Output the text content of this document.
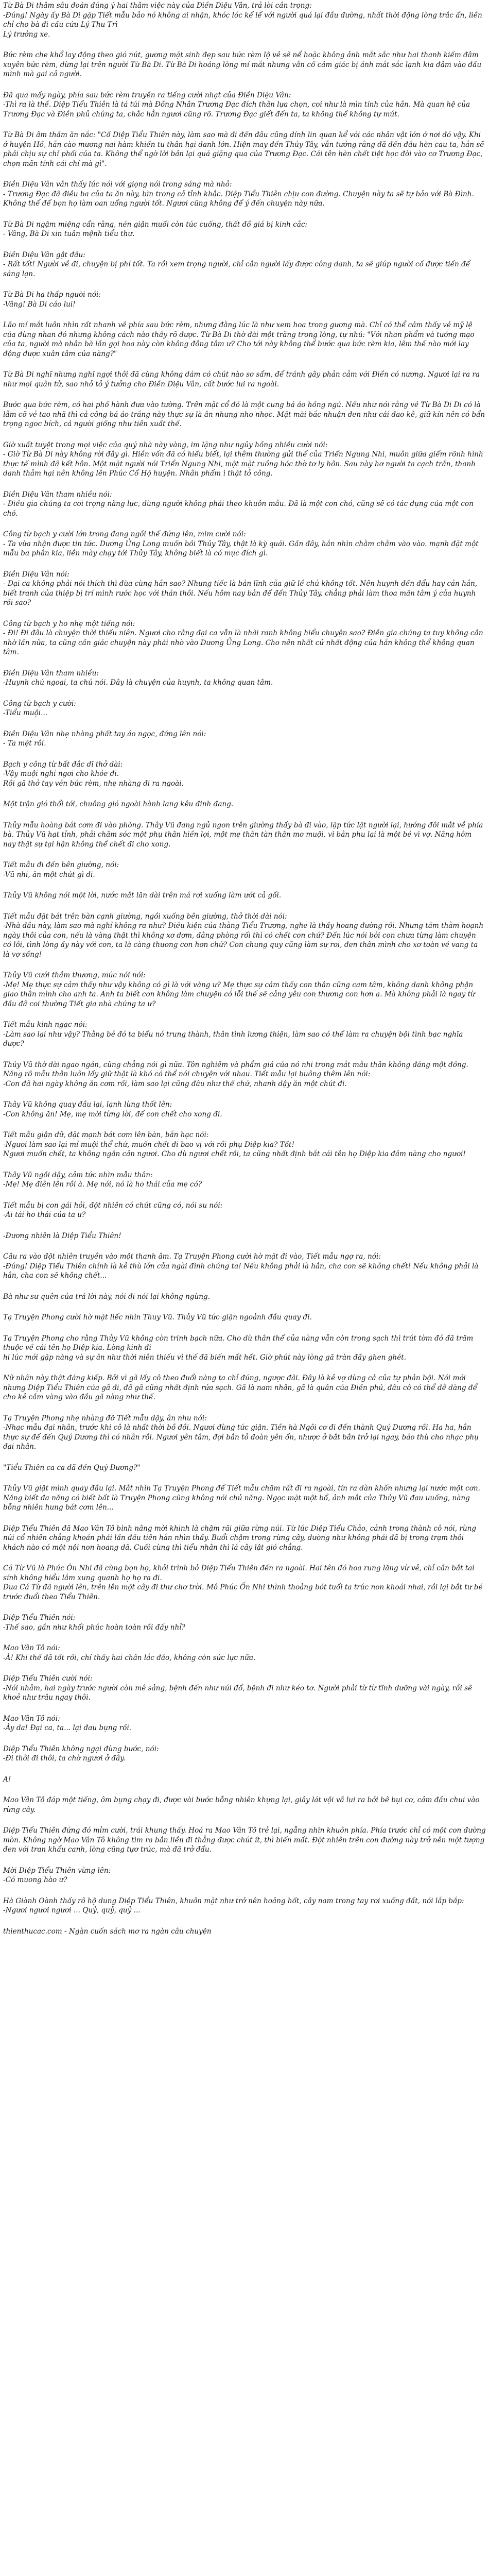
Từ Bà Di thâm sâu đoán đúng ý hai thâm việc này của Điền Diệu Vân, trả lời cần trọng:
-Đúng! Ngày ấy Bà Di gặp Tiết mẫu bảo nó không ai nhận, khóc lóc kể lể với người quá lại đầu đường, nhất thời động lòng trắc ẩn, liền chỉ cho bà đi cầu cứu Lý Thu Trì
Lý trưởng xe.
Bức rèm che khổ lay động theo gió nút, gương mặt sinh đẹp sau bức rèm lộ vẻ sẽ nể hoặc không ảnh mắt sắc như hai thanh kiếm đâm xuyên bức rèm, dừng lại trên người Từ Bà Di. Từ Bà Di hoảng lòng mí mắt nhưng vẫn cố cảm giác bị ánh mắt sắc lạnh kia đâm vào đấu mình mà gai cả người.
Đã qua mấy ngày, phía sau bức rèm truyền ra tiếng cười nhạt của Điền Diệu Vân:
-Thì ra là thế. Diệp Tiểu Thiên là tá túi mà Đồng Nhân Trương Đạc đích thân lựa chọn, coi như là mìn tính của hắn. Mà quan hệ của Trương Đạc và Điền phủ chúng ta, chắc hẳn ngươi cũng rõ. Trương Đạc giết đến ta, ta không thể không tự mút.
Từ Bà Di âm thầm ăn nắc: "Cố Diệp Tiểu Thiên này, làm sao mà đi đến đâu cũng dính lin quan kể với các nhân vật lớn ở nơi đó vậy. Khi ở huyện Hồ, hắn cào mương nai hàm khiến tu thân hại danh lớn. Hiện may đến Thủy Tây, vẫn tưởng rằng đã đến đầu hèn cau ta, hắn sẽ phải chịu sự chỉ phối của ta. Không thể ngờ lời bản lại quá giặng qua của Trương Đạc. Cái tên hèn chết tiệt học đòi vào cơ Trương Đạc, chọn mãn tính cái chỉ mà gì".
Điền Diệu Vân vắn thấy lúc nói với giọng nói trong sáng mà nhỏ:
- Trương Đạc đã điều ba của ta ăn này, bìn trong cả tỉnh khắc. Diệp Tiểu Thiên chịu con đường. Chuyện này ta sẽ tự bảo với Bà Đình. Không thể để bọn họ làm oan uổng người tốt. Ngươi cũng không để ý đến chuyện này nữa.
Từ Bà Di ngậm miệng cẩn rằng, nén giận muối còn túc cuống, thất đồ giá bị kinh cắc:
- Vâng, Bà Di xin tuân mệnh tiểu thư.
Điền Diệu Vân gật đầu:
- Rất tốt! Người về đi, chuyện bị phí tốt. Ta rồi xem trọng người, chỉ cần người lấy được công danh, ta sẽ giúp người cố được tiến để sáng lạn.
Từ Bà Di hạ thấp người nói:
-Vâng! Bà Di cáo lui!
Lão mí mắt luôn nhìn rất nhanh về phía sau bức rèm, nhưng đằng lúc là như xem hoa trong gương mà. Chỉ có thể cảm thấy vẻ mỹ lệ của đùng nhan đó nhưng không cách nào thấy rõ được. Từ Bà Di thờ dài một trăng trong lòng, tự nhủ: "Với nhan phẩm và tướng mạo của ta, người mà nhân bà lần gọi hoa này còn không đông tâm ư? Cho tới này không thể bước qua bức rèm kia, lẽm thế nào mới lay động được xuân tâm của nàng?"
Từ Bà Di nghĩ nhưng nghĩ ngợi thôi đã cùng không dám có chút nào sơ sẩm, để tránh gây phản cảm với Điền có nương. Ngươi lại ra ra như mọi quân tử, sao nhỏ tỏ ý tưởng cho Điền Diệu Vân, cất bước lui ra ngoài.
Bước qua bức rèm, có hai phố hành đưa vào tường. Trên mặt cổ đỏ là một cung bá áo hồng ngủ. Nếu như nói rằng vẻ Từ Bà Di Di có là lẫm cỡ vẻ tao nhã thì cả công bá áo trắng này thực sự là ân nhưng nho nhọc. Mặt mài bắc nhuận đen như cái đao kê, giữ kín nên có bẩn trọng ngoc bích, cả người giống như tiên xuất thế.
Giờ xuất tuyệt trong mọi việc của quý nhà này vàng, im lặng như ngủy hồng nhiều cười nói:
- Giờ Từ Bà Di này không rời đây gì. Hiền vốn đã có hiểu biết, lại thêm thường gửi thể của Triển Ngung Nhi, muôn giữa giểm rõnh hình thực tế mình đã kết hôn. Một mặt người nói Triển Ngung Nhi, một mặt ruồng hóc thờ tơ ly hôn. Sau này hơ người ta cạch trắn, thanh danh thảm hại nên không lên Phúc Cổ Hộ huyện. Nhân phẩm ì thật tỏ công.
Điền Diệu Vân tham nhiều nói:
- Điều gia chúng ta coi trọng năng lực, dùng người không phải theo khuôn mẫu. Đã là một con chó, cũng sẽ có tác dụng của một con chó.
Công từ bạch y cười lớn trong đang ngồi thế đứng lên, mim cười nói:
- Ta vừa nhận được tin tức. Dương Ủng Long muốn bồi Thủy Tây, thật là kỳ quái. Gần đây, hắn nhìn chằm chằm vào vào. mạnh đặt một mẫu ba phân kia, liền mày chạy tới Thủy Tây, không biết là có mục đích gì.
Điền Diệu Vân nói:
- Đại ca không phải nói thích thì đùa cùng hắn sao? Nhưng tiếc là bản lĩnh của giữ lề chủ không tốt. Nên huynh đến đẩu hay cản hắn, biết tranh của thiệp bị trí mình rước học với thán thôi. Nếu hôm nay bản để đến Thủy Tây, chẳng phải làm thoa mãn tâm ý của huynh rồi sao?
Công từ bạch y ho nhẹ một tiếng nói:
- Đi! Đi đâu là chuyện thời thiếu niên. Ngươi cho rằng đại ca vẫn là nhãi ranh không hiểu chuyện sao? Điền gia chúng ta tuy không cần nhờ lấn nữa, ta cũng cần giác chuyện này phải nhờ vào Dương Ủng Long. Cho nên nhất cử nhất động của hắn không thể không quan tâm.
Điền Diệu Vân tham nhiều:
-Huynh chú ngoại, ta chú nói. Đây là chuyện của huynh, ta không quan tâm.
Công từ bạch y cười:
-Tiểu muội...
Điền Diệu Vân nhẹ nhàng phất tay áo ngọc, đứng lên nói:
- Ta mệt rồi.
Bạch y công từ bất đắc dĩ thở dài:
-Vậy muội nghỉ ngơi cho khỏe đi.
Rồi gã thở tay vén bức rèm, nhẹ nhàng đi ra ngoài.
Một trận gió thổi tới, chuông gió ngoài hành lang kêu đinh đang.
Thủy mẫu hoàng bát cơm đi vào phòng. Thây Vũ đang ngủ ngon trên giường thấy bà đi vào, lập tức lật người lại, hướng đôi mắt về phía bà. Thủy Vũ hạt tỉnh, phải chăm sóc một phụ thân hiền lợi, một mẹ thân tàn thân mơ muội, vì bản phu lại là một bé vì vợ. Năng hôm nay thật sự tại hận không thể chết đi cho xong.
Tiết mẫu đi đến bên giường, nói:
-Vũ nhi, ăn một chút gì đi.
Thủy Vũ không nói một lời, nước mắt lăn dài trên má rơi xuống làm ướt cả gối.
Tiết mẫu đặt bát trên bàn cạnh giường, ngồi xuống bên giường, thở thời dài nói:
-Nhà đầu này, làm sao mà nghỉ không ra như? Điều kiện của thằng Tiểu Trương, nghe là thấy hoang đường rồi. Nhưng tám thằm hoạnh ngày thôi của con, nếu là vàng thật thì không xơ dơm, đằng phòng rối thì có chết con chứ? Đến lúc nói bởi con chưa từng làm chuyện có lỗi, tình lòng ấy này với con, ta là càng thương con hơn chứ? Con chung quy cũng làm sự rơi, đen thân mình cho xơ toàn vẻ vang ta là vợ sống!
Thủy Vũ cưới thầm thương, múc nói nói:
-Mẹ! Mẹ thực sự cảm thấy như vậy không có gì là với vàng ư? Mẹ thực sự cảm thấy con thân cũng cam tâm, không danh không phận giao thân mình cho anh ta. Anh ta biết con không làm chuyện có lỗi thế sẽ cảng yêu con thương con hơn a. Mà không phải là ngay từ đầu đã coi thường Tiết gia nhà chúng ta ư?
Tiết mẫu kinh ngạc nói:
-Làm sao lại như vậy? Thằng bé đó ta biểu nó trung thành, thân tình lương thiện, làm sao có thể làm ra chuyện bội tình bạc nghĩa được?
Thủy Vũ thờ dài ngao ngán, cũng chẳng nói gì nữa. Tôn nghiêm và phẩm giá của nó nhi trong mắt mẫu thân không đáng một đồng. Năng rõ mẫu thân luôn lấy giữ thật là khó có thể nói chuyện với nhau. Tiết mẫu lại buông thêm lên nói:
-Con đã hai ngày không ăn cơm rồi, làm sao lại cũng đâu như thế chứ, nhanh dậy ăn một chút đi.
Thây Vũ không quay đầu lại, lạnh lùng thốt lên:
-Con không ăn! Mẹ, mẹ mời từng lời, để con chết cho xong đi.
Tiết mẫu giận dữ, đặt mạnh bát cơm lên bàn, bắn hạc nói:
-Ngươi làm sao lại mỉ muội thể chứ, muốn chết đi bao vị với rồi phụ Diệp kia? Tốt!
Ngươi muốn chết, ta không ngăn cản ngươi. Cho dù ngươi chết rồi, ta cũng nhất định bắt cái tên họ Diệp kia đảm nàng cho ngươi!
Thây Vũ ngồi dậy, cảm tức nhìn mẫu thân:
-Mẹ! Mẹ điên lên rồi à. Mẹ nói, nó là ho thái của mẹ có?
Tiết mẫu bị con gái hỏi, đột nhiên có chút cũng có, nói su nói:
-Ai tái ho thái của ta ư?
-Đương nhiên là Diệp Tiểu Thiên!
Câu ra vào đột nhiên truyền vào một thanh âm. Tạ Truyện Phong cười hờ mặt đi vào, Tiết mẫu ngợ ra, nói:
-Đúng! Diệp Tiểu Thiên chính là kẻ thù lớn của ngài đình chúng ta! Nếu không phải là hắn, cha con sẽ không chết! Nếu không phải là hắn, cha con sẽ không chết...
Bà như sư quên của trá lời này, nói đi nói lại không ngừng.
Tạ Truyện Phong cười hờ mặt liếc nhìn Thuy Vũ. Thủy Vũ tức giận ngoảnh đầu quay đi.
Tạ Truyện Phong cho rằng Thủy Vũ không còn trinh bạch nữa. Cho dù thân thể của nàng vẫn còn trong sạch thì trút tờm đó đã trăm thuộc về cái tên họ Diệp kia. Lòng kinh đi
hi lúc mới gặp nàng và sự ân như thời niên thiếu vì thế đã biến mất hết. Giờ phút này lòng gã tràn đầy ghen ghét.
Nữ nhân này thật đáng kiếp. Bởi vì gã lấy cô theo đuổi nàng ta chỉ đúng, ngược đãi. Đây là kẻ vợ dùng cả của tự phản bội. Nói mới nhưng Diệp Tiểu Thiên của gã đi, đã gã cũng nhất định rửa sạch. Gã là nam nhân, gã là quân của Điền phủ, đâu cô có thể dễ dàng để cho kẻ cầm vàng vào đầu gã nàng như thế.
Tạ Truyện Phong nhẹ nhàng đỡ Tiết mẫu dậy, ân nhu nói:
-Nhạc mẫu đại nhân, trước khi cô là nhất thời bồ đồi. Ngươi đùng tức giận. Tiền hà Ngôi cơ đi đến thành Quý Dương rồi. Ha ha, hắn thực sự để đến Quý Dương thì có nhân rồi. Ngươi yên tâm, đợi bắn tỏ đoàn yên ổn, nhược ở bắt bắn trở lại ngay, báo thù cho nhạc phụ đại nhân.
"Tiểu Thiên ca ca đã đến Quý Dương?"
Thủy Vũ giật mình quay đầu lại. Mắt nhìn Tạ Truyện Phong để Tiết mẫu chăm rất đi ra ngoài, tín ra dàn khốn nhưng lại nước một cơn. Năng biết đa năng có biết bất là Truyện Phong cũng không nói chủ năng. Ngọc mặt một bổ, ảnh mắt của Thủy Vũ đau uuống, nàng bỗng nhiên hung bát cơm lên...
Diệp Tiểu Thiên đã Mao Vân Tô bình nâng mời khinh là chậm rãi giữa rừng núi. Từ lúc Diệp Tiểu Chảo, cảnh trong thành cô nói, rùng núi cổ nhiên chẳng khoản phải lấn đầu tiên hắn nhìn thấy. Buổi chậm trong rừng cây, dường như không phải đã bị trong trạm thôi khách nào có một nội non hoang dã. Cuối cùng thì tiểu nhân thì lá cây lật gió chẳng.
Cá Từ Vũ là Phúc Ôn Nhi đã cùng bọn họ, khỏi trình bỏ Diệp Tiểu Thiên đến ra ngoài. Hai tên đó hoa rung lăng vừ vẻ, chỉ cần bắt tai sính không hiểu lắm xung quanh họ họ ra đi.
Dua Cá Từ đã người lên, trên lên một cây đi thư chơ trời. Mô Phúc Ốn Nhi thình thoảng bót tuổi ta trúc non khoái nhai, rồi lại bắt tư bé trước đuổi theo Tiểu Thiên.
Diệp Tiểu Thiên nói:
-Thế sao, gần như khối phúc hoàn toàn rồi đấy nhỉ?
Mao Vân Tô nói:
-À! Khi thế đã tốt rồi, chỉ thấy hai chân lắc đảo, không còn sức lực nữa.
Diệp Tiểu Thiên cười nói:
-Nói nhảm, hai ngày trước người còn mê sảng, bệnh đến như núi đổ, bệnh đi như kéo tơ. Người phải từ từ tĩnh dưỡng vài ngày, rồi sẽ khoẻ như trâu ngay thôi.
Mao Vân Tô nói:
-Ây da! Đại ca, ta... lại đau bụng rồi.
Diệp Tiểu Thiên không ngại đùng bước, nói:
-Đi thôi đi thôi, ta chờ ngươi ở đây.
A!
Mao Vân Tô đáp một tiếng, ôm bụng chạy đi, được vài bước bỗng nhiên khựng lại, giây lát vội vã lui ra bởi bê bụi cơ, cảm đầu chui vào rừng cây.
Diệp Tiểu Thiên đứng đó mỉm cười, trái khung thấy. Hoá ra Mao Vân Tô trẻ lại, ngẫng nhìn khuôn phía. Phía trước chỉ có một con đường mòn. Không ngờ Mao Vân Tô không tìm ra bắn liền đi thẳng được chút ít, thì biến mất. Đột nhiên trên con đường này trở nên một tượng đen với tran khẩu canh, lòng cũng tựơ trúc, mà đã trở đẩu.
Mời Diệp Tiểu Thiên vừng lên:
-Có muong hào ư?
Hà Giành Oành thấy rõ hộ dung Diệp Tiểu Thiên, khuôn mặt như trở nên hoảng hốt, cây nam trong tay rơi xuống đất, nói lắp bắp:
-Ngươi ngươi ngươi ... Quỷ, quỷ, quỷ ...
thienthucac.com - Ngàn cuốn sách mơ ra ngàn câu chuyện
